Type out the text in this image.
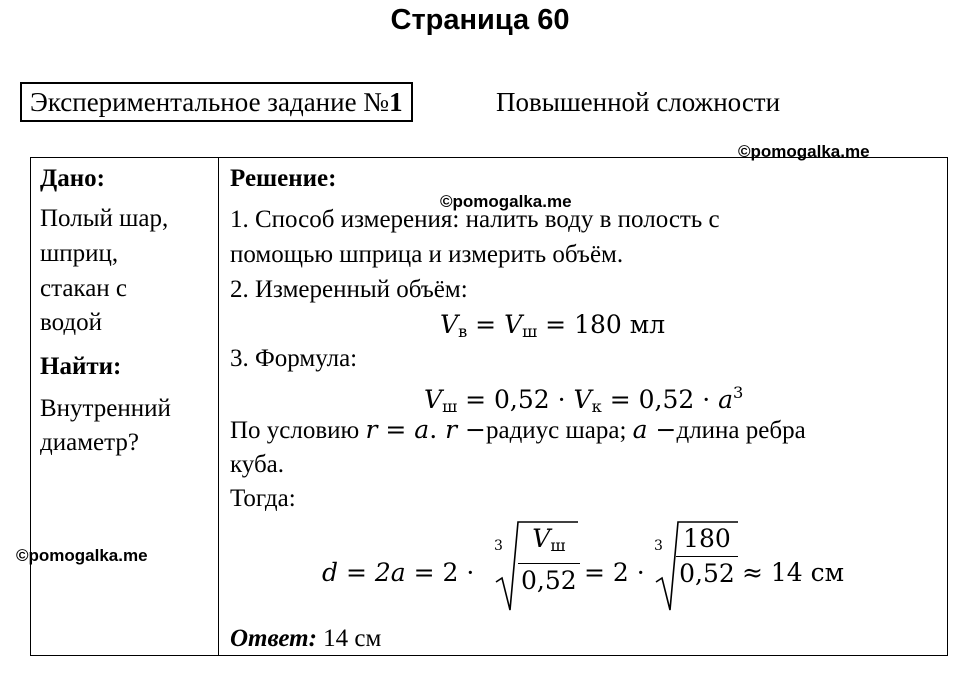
Страница 60
Экспериментальное задание №1	Повышенной сложности
©pomogalka.me
©pomogalka.me
©pomogalka.me
Дано:
Полый шар,
шприц,
стакан с
водой
Найти:
Внутренний
диаметр?
Решение:
1. Способ измерения: налить воду в полость с
помощью шприца и измерить объём.
2. Измеренный объём:
$V_в = V_ш = 180$ мл
3. Формула:
$V_ш = 0,52 \cdot V_к = 0,52 \cdot a^3$
По условию r = a. r −радиус шара; a −длина ребра
куба.
Тогда:
d = 2a = 2 ·
$3 \frac{V_ш}{0,52} = 2$ ·
$3 \frac{180}{0,52} \approx 14$ см
Ответ: 14 см
